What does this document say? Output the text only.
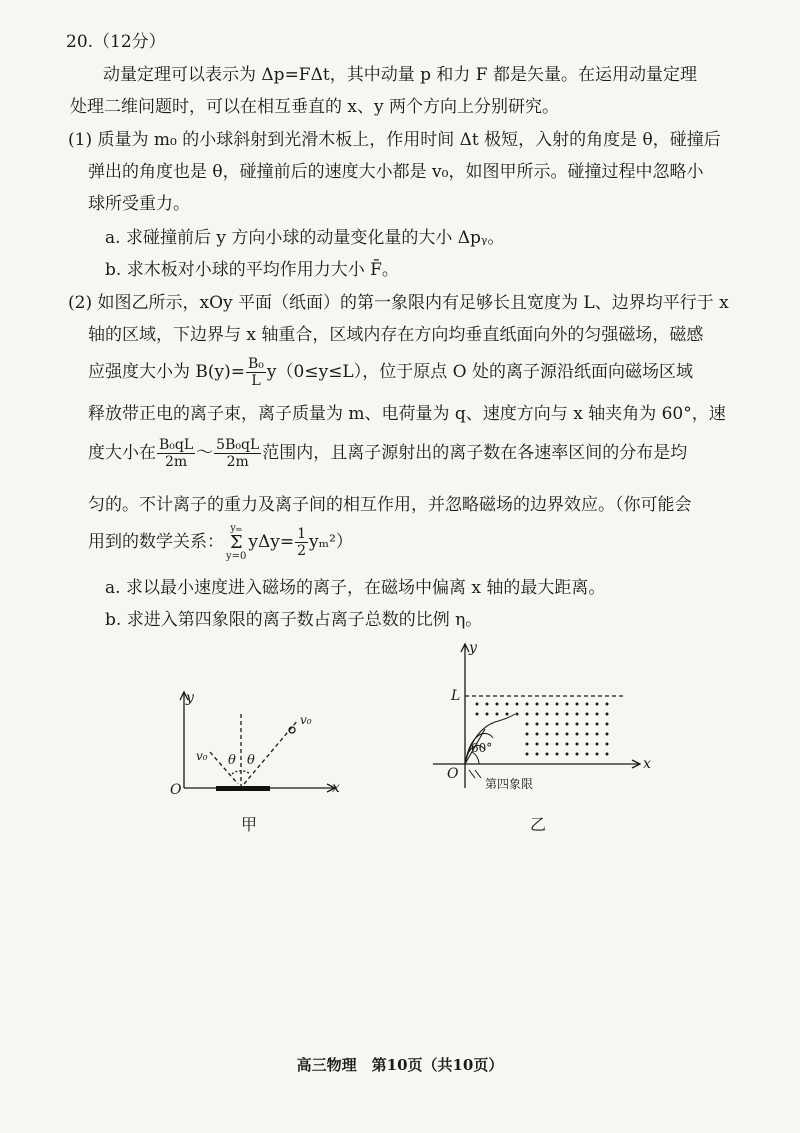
20.（12分）
动量定理可以表示为 Δp=FΔt，其中动量 p 和力 F 都是矢量。在运用动量定理
处理二维问题时，可以在相互垂直的 x、y 两个方向上分别研究。
(1) 质量为 m₀ 的小球斜射到光滑木板上，作用时间 Δt 极短，入射的角度是 θ，碰撞后
弹出的角度也是 θ，碰撞前后的速度大小都是 v₀，如图甲所示。碰撞过程中忽略小
球所受重力。
a. 求碰撞前后 y 方向小球的动量变化量的大小 Δpᵧ。
b. 求木板对小球的平均作用力大小 F̄。
(2) 如图乙所示，xOy 平面（纸面）的第一象限内有足够长且宽度为 L、边界均平行于 x
轴的区域，下边界与 x 轴重合，区域内存在方向均垂直纸面向外的匀强磁场，磁感
应强度大小为 $B(y)= \frac{\text{B₀}}{L} y(0\le y\le L)$，位于原点 O 处的离子源沿纸面向磁场区域
释放带正电的离子束，离子质量为 m、电荷量为 q、速度方向与 x 轴夹角为 60°，速
度大小在 $\frac{\text{B₀qL}}{2m}$ ～ $\frac{\text{5B₀qL}}{2m}$ 范围内，且离子源射出的离子数在各速率区间的分布是均
匀的。不计离子的重力及离子间的相互作用，并忽略磁场的边界效应。（你可能会
用到的数学关系：yₘ
Σ
$y=0y\Delta y= \frac{1}{2} y_m^2$）
a. 求以最小速度进入磁场的离子，在磁场中偏离 x 轴的最大距离。
b. 求进入第四象限的离子数占离子总数的比例 η。
y
x
O
v₀
v₀
θ θ
甲
y
x
O
L
60°
第四象限
乙
高三物理　第10页（共10页）
